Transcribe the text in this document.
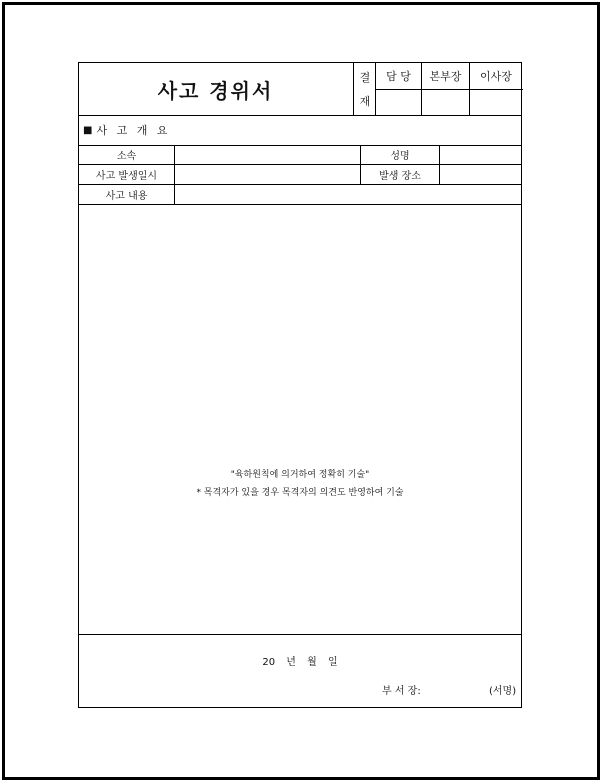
사고 경위서
결
재
담 당	본부장	이사장
■ 사 고 개 요
소속	성명
사고 발생일시	발생 장소
사고 내용
"육하원칙에 의거하여 정확히 기술"
* 목격자가 있을 경우 목격자의 의견도 반영하여 기술
20 년 월 일
부 서 장:	(서명)
